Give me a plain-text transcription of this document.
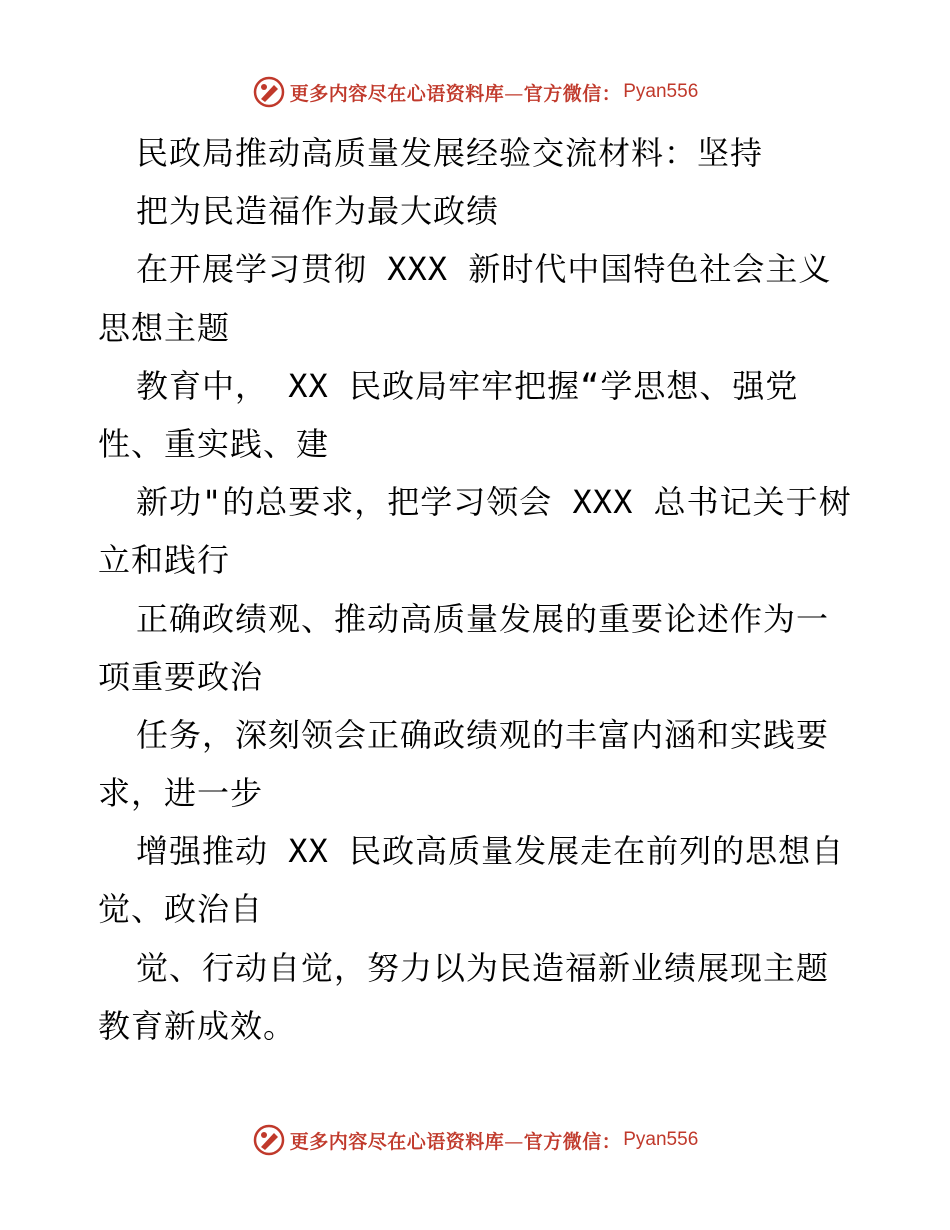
更多内容尽在心语资料库—官方微信： Pyan556
民政局推动高质量发展经验交流材料：坚持
把为民造福作为最大政绩
在开展学习贯彻 XXX 新时代中国特色社会主义
思想主题
教育中， XX 民政局牢牢把握“学思想、强党
性、重实践、建
新功"的总要求，把学习领会 XXX 总书记关于树
立和践行
正确政绩观、推动高质量发展的重要论述作为一
项重要政治
任务，深刻领会正确政绩观的丰富内涵和实践要
求，进一步
增强推动 XX 民政高质量发展走在前列的思想自
觉、政治自
觉、行动自觉，努力以为民造福新业绩展现主题
教育新成效。
更多内容尽在心语资料库—官方微信： Pyan556
